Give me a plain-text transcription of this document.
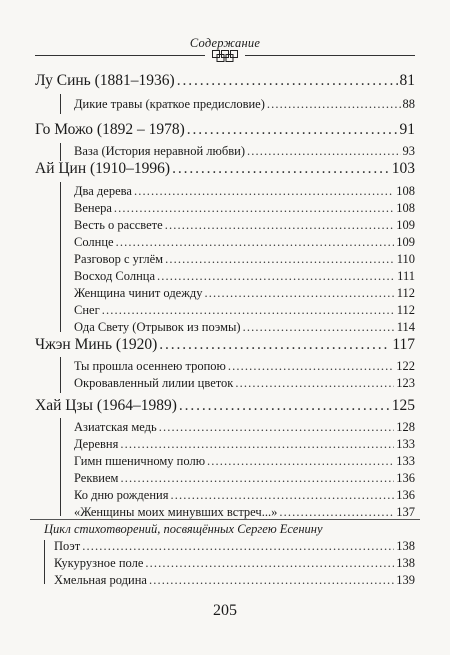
Содержание
Лу Синь (1881–1936) . . .	81
Дикие травы (краткое предисловие) . . .	88
Го Можо (1892 – 1978) . . .	91
Ваза (История неравной любви) . . .	93
Ай Цин (1910–1996) . . .	103
Два дерева . . .	108
Венера . . .	108
Весть о рассвете . . .	109
Солнце . . .	109
Разговор с углём . . .	110
Восход Солнца . . .	111
Женщина чинит одежду . . .	112
Снег . . .	112
Ода Свету (Отрывок из поэмы) . . .	114
Чжэн Минь (1920) . . .	117
Ты прошла осеннею тропою . . .	122
Окровавленный лилии цветок . . .	123
Хай Цзы (1964–1989) . . .	125
Азиатская медь . . .	128
Деревня . . .	133
Гимн пшеничному полю . . .	133
Реквием . . .	136
Ко дню рождения . . .	136
«Женщины моих минувших встреч...» . . .	137
Цикл стихотворений, посвящённых Сергею Есенину
Поэт . . .	138
Кукурузное поле . . .	138
Хмельная родина . . .	139
205
